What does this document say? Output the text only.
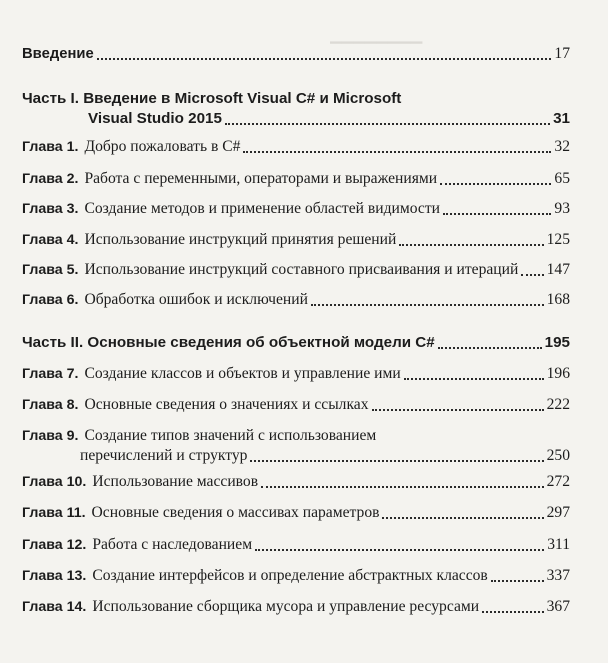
▁▁▁▁▁▁▁▁
Введение	17
Часть I. Введение в Microsoft Visual C# и Microsoft
Visual Studio 2015	31
Глава 1. Добро пожаловать в C#	32
Глава 2. Работа с переменными, операторами и выражениями	65
Глава 3. Создание методов и применение областей видимости	93
Глава 4. Использование инструкций принятия решений	125
Глава 5. Использование инструкций составного присваивания и итераций 147
Глава 6. Обработка ошибок и исключений	168
Часть II. Основные сведения об объектной модели C#	195
Глава 7. Создание классов и объектов и управление ими	196
Глава 8. Основные сведения о значениях и ссылках	222
Глава 9. Создание типов значений с использованием
перечислений и структур	250
Глава 10. Использование массивов	272
Глава 11. Основные сведения о массивах параметров	297
Глава 12. Работа с наследованием	311
Глава 13. Создание интерфейсов и определение абстрактных классов	337
Глава 14. Использование сборщика мусора и управление ресурсами	367
